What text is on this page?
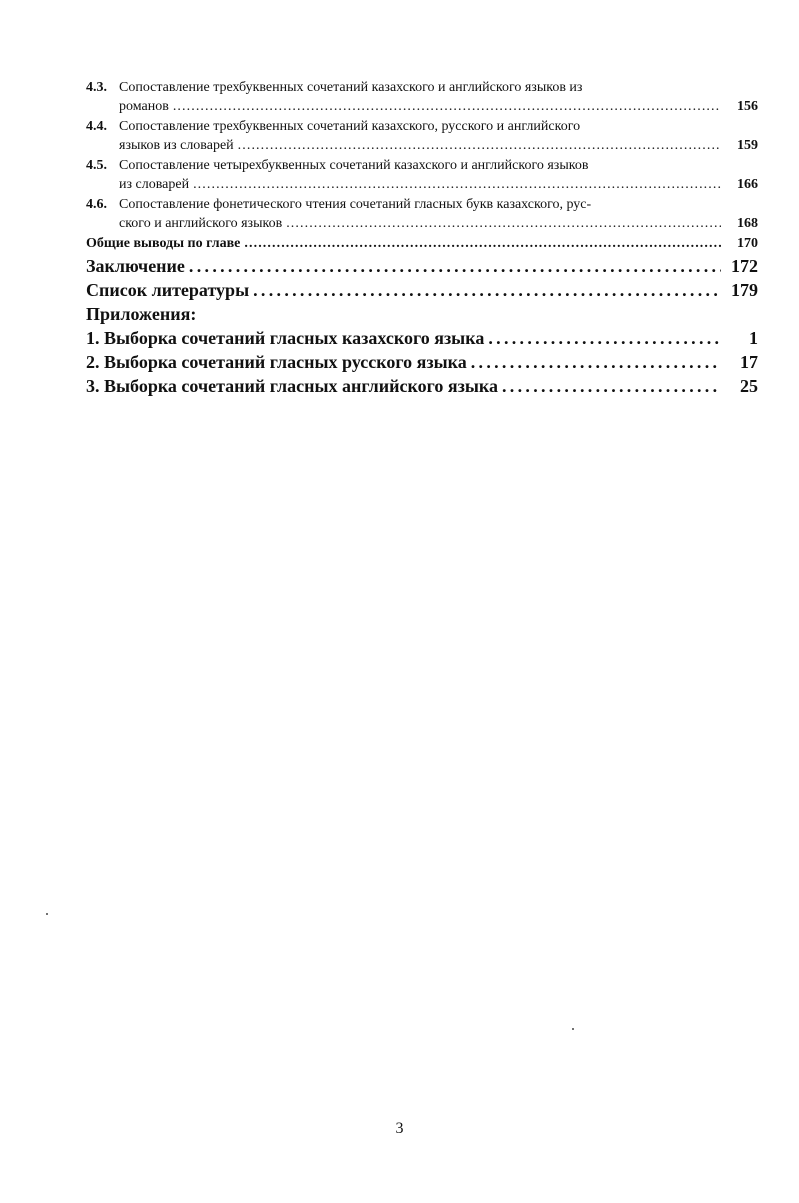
4.3. Сопоставление трехбуквенных сочетаний казахского и английского языков из
романов . . .	156
4.4. Сопоставление трехбуквенных сочетаний казахского, русского и английского
языков из словарей . . .	159
4.5. Сопоставление четырехбуквенных сочетаний казахского и английского языков
из словарей . . .	166
4.6. Сопоставление фонетического чтения сочетаний гласных букв казахского, рус-
ского и английского языков . . .	168
Общие выводы по главе . . .	170
Заключение . . .	172
Список литературы . . .	179
Приложения:
1. Выборка сочетаний гласных казахского языка . . .	1
2. Выборка сочетаний гласных русского языка . . .	17
3. Выборка сочетаний гласных английского языка . . .	25
3
